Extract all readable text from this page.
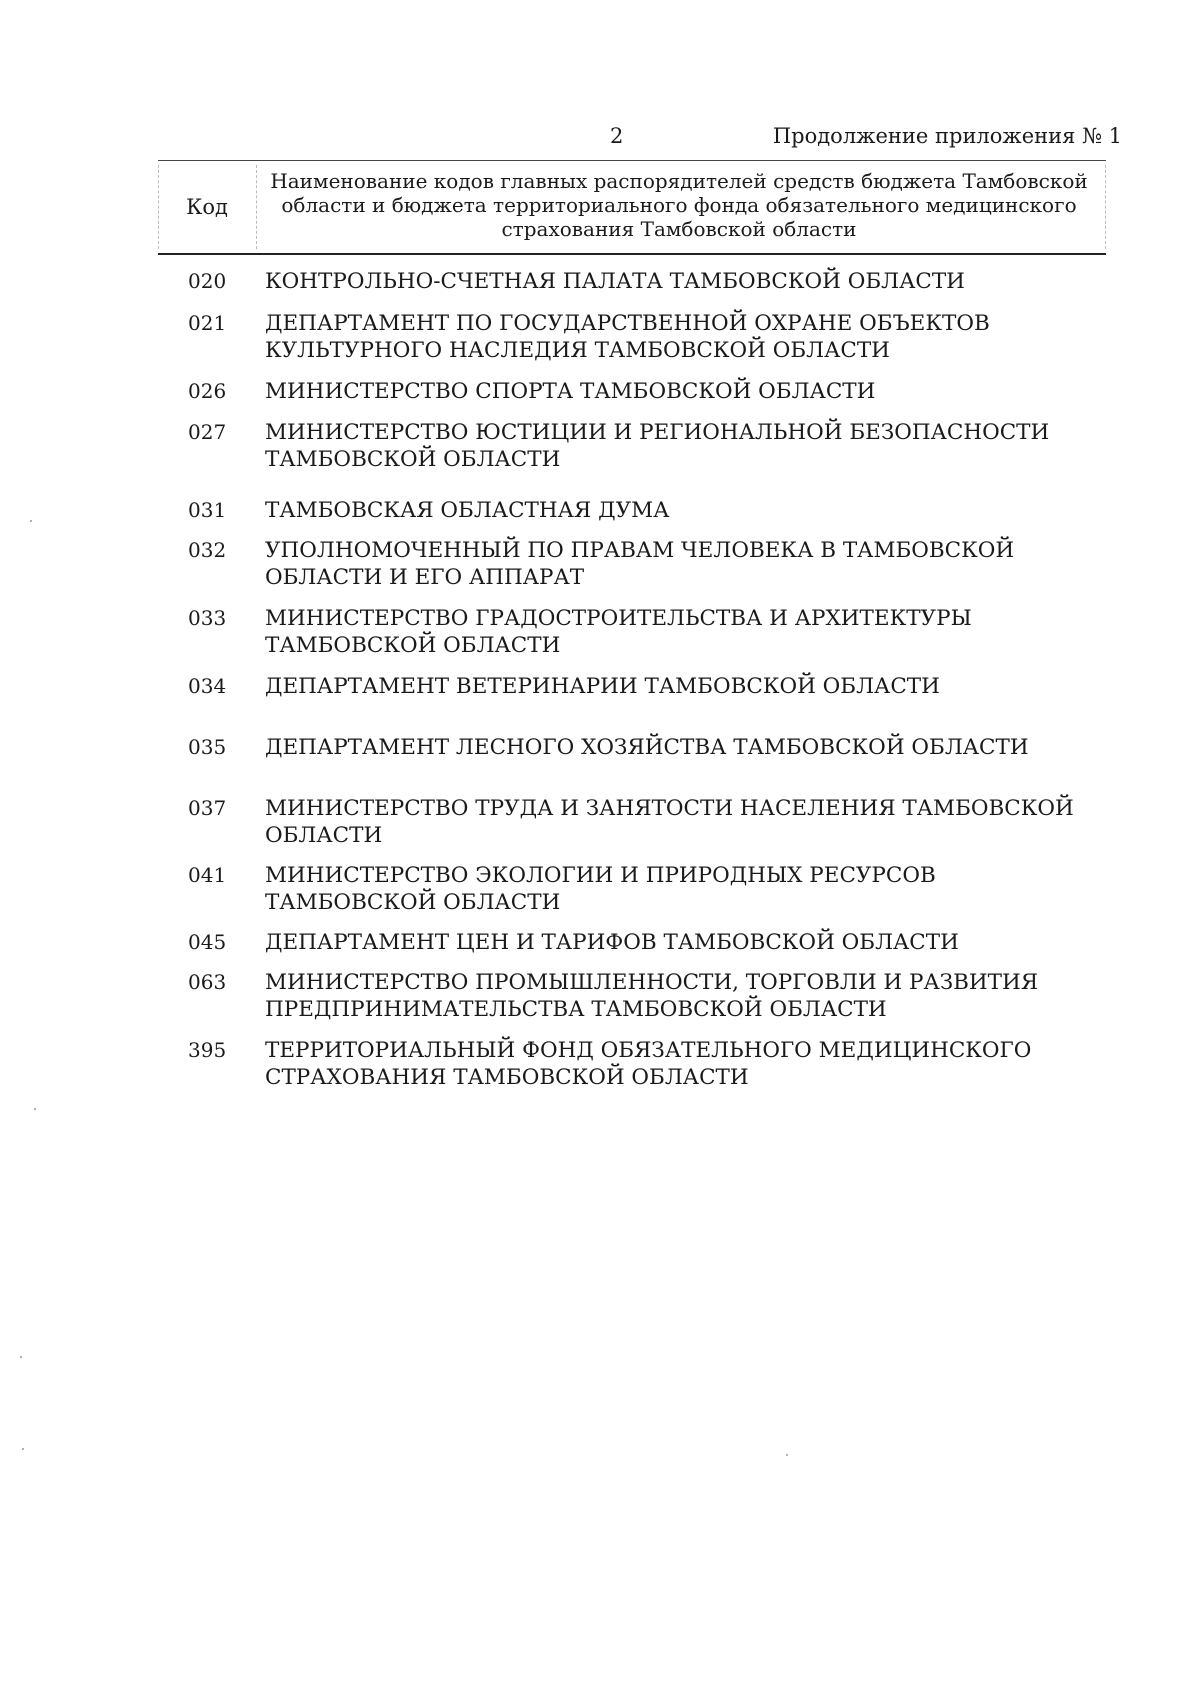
2	Продолжение приложения № 1
Код
Наименование кодов главных распорядителей средств бюджета Тамбовской области и бюджета территориального фонда обязательного медицинского страхования Тамбовской области
020 КОНТРОЛЬНО-СЧЕТНАЯ ПАЛАТА ТАМБОВСКОЙ ОБЛАСТИ
021 ДЕПАРТАМЕНТ ПО ГОСУДАРСТВЕННОЙ ОХРАНЕ ОБЪЕКТОВ КУЛЬТУРНОГО НАСЛЕДИЯ ТАМБОВСКОЙ ОБЛАСТИ
026 МИНИСТЕРСТВО СПОРТА ТАМБОВСКОЙ ОБЛАСТИ
027 МИНИСТЕРСТВО ЮСТИЦИИ И РЕГИОНАЛЬНОЙ БЕЗОПАСНОСТИ ТАМБОВСКОЙ ОБЛАСТИ
031 ТАМБОВСКАЯ ОБЛАСТНАЯ ДУМА
032 УПОЛНОМОЧЕННЫЙ ПО ПРАВАМ ЧЕЛОВЕКА В ТАМБОВСКОЙ ОБЛАСТИ И ЕГО АППАРАТ
033 МИНИСТЕРСТВО ГРАДОСТРОИТЕЛЬСТВА И АРХИТЕКТУРЫ ТАМБОВСКОЙ ОБЛАСТИ
034 ДЕПАРТАМЕНТ ВЕТЕРИНАРИИ ТАМБОВСКОЙ ОБЛАСТИ
035 ДЕПАРТАМЕНТ ЛЕСНОГО ХОЗЯЙСТВА ТАМБОВСКОЙ ОБЛАСТИ
037 МИНИСТЕРСТВО ТРУДА И ЗАНЯТОСТИ НАСЕЛЕНИЯ ТАМБОВСКОЙ ОБЛАСТИ
041 МИНИСТЕРСТВО ЭКОЛОГИИ И ПРИРОДНЫХ РЕСУРСОВ ТАМБОВСКОЙ ОБЛАСТИ
045 ДЕПАРТАМЕНТ ЦЕН И ТАРИФОВ ТАМБОВСКОЙ ОБЛАСТИ
063 МИНИСТЕРСТВО ПРОМЫШЛЕННОСТИ, ТОРГОВЛИ И РАЗВИТИЯ ПРЕДПРИНИМАТЕЛЬСТВА ТАМБОВСКОЙ ОБЛАСТИ
395 ТЕРРИТОРИАЛЬНЫЙ ФОНД ОБЯЗАТЕЛЬНОГО МЕДИЦИНСКОГО СТРАХОВАНИЯ ТАМБОВСКОЙ ОБЛАСТИ
